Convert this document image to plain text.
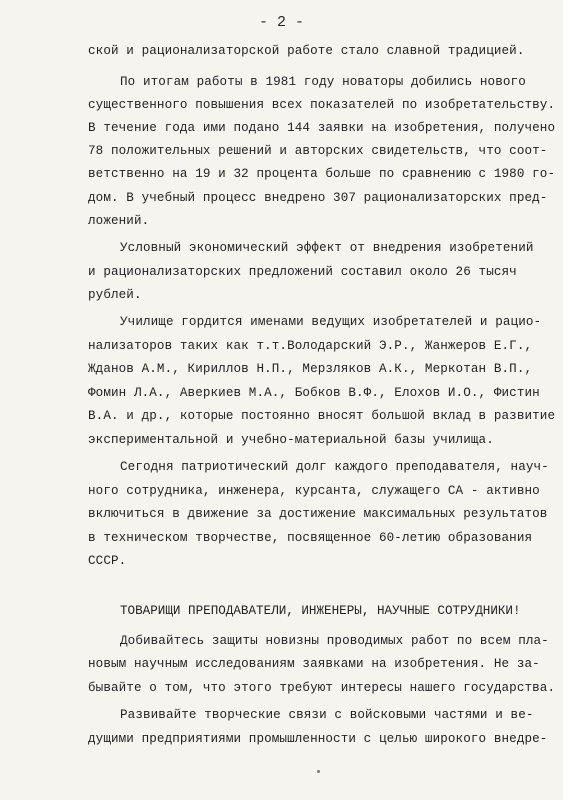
- 2 -
ской и рационализаторской работе стало славной традицией.
По итогам работы в 1981 году новаторы добились нового
существенного повышения всех показателей по изобретательству.
В течение года ими подано 144 заявки на изобретения, получено
78 положительных решений и авторских свидетельств, что соот-
ветственно на 19 и 32 процента больше по сравнению с 1980 го-
дом. В учебный процесс внедрено 307 рационализаторских пред-
ложений.
Условный экономический эффект от внедрения изобретений
и рационализаторских предложений составил около 26 тысяч
рублей.
Училище гордится именами ведущих изобретателей и рацио-
нализаторов таких как т.т.Володарский Э.Р., Жанжеров Е.Г.,
Жданов А.М., Кириллов Н.П., Мерзляков А.К., Меркотан В.П.,
Фомин Л.А., Аверкиев М.А., Бобков В.Ф., Елохов И.О., Фистин
В.А. и др., которые постоянно вносят большой вклад в развитие
экспериментальной и учебно-материальной базы училища.
Сегодня патриотический долг каждого преподавателя, науч-
ного сотрудника, инженера, курсанта, служащего СА - активно
включиться в движение за достижение максимальных результатов
в техническом творчестве, посвященное 60-летию образования
СССР.
ТОВАРИЩИ ПРЕПОДАВАТЕЛИ, ИНЖЕНЕРЫ, НАУЧНЫЕ СОТРУДНИКИ!
Добивайтесь защиты новизны проводимых работ по всем пла-
новым научным исследованиям заявками на изобретения. Не за-
бывайте о том, что этого требуют интересы нашего государства.
Развивайте творческие связи с войсковыми частями и ве-
дущими предприятиями промышленности с целью широкого внедре-
